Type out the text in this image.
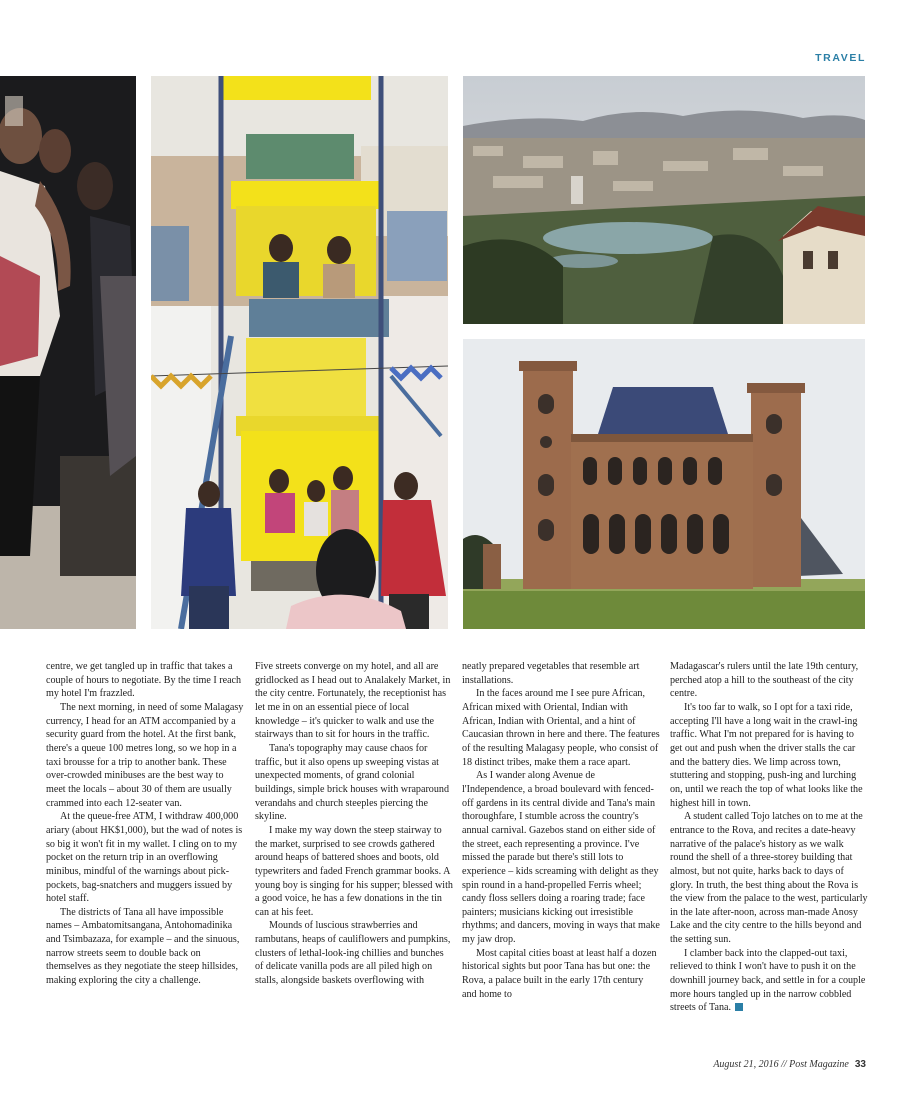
TRAVEL

centre, we get tangled up in traffic that takes a couple of hours to negotiate. By the time I reach my hotel I'm frazzled.

The next morning, in need of some Malagasy currency, I head for an ATM accompanied by a security guard from the hotel. At the first bank, there's a queue 100 metres long, so we hop in a taxi brousse for a trip to another bank. These over-crowded minibuses are the best way to meet the locals – about 30 of them are usually crammed into each 12-seater van.

At the queue-free ATM, I withdraw 400,000 ariary (about HK$1,000), but the wad of notes is so big it won't fit in my wallet. I cling on to my pocket on the return trip in an overflowing minibus, mindful of the warnings about pick-pockets, bag-snatchers and muggers issued by hotel staff.

The districts of Tana all have impossible names – Ambatomitsangana, Antohomadinika and Tsimbazaza, for example – and the sinuous, narrow streets seem to double back on themselves as they negotiate the steep hillsides, making exploring the city a challenge.

Five streets converge on my hotel, and all are gridlocked as I head out to Analakely Market, in the city centre. Fortunately, the receptionist has let me in on an essential piece of local knowledge – it's quicker to walk and use the stairways than to sit for hours in the traffic.

Tana's topography may cause chaos for traffic, but it also opens up sweeping vistas at unexpected moments, of grand colonial buildings, simple brick houses with wraparound verandahs and church steeples piercing the skyline.

I make my way down the steep stairway to the market, surprised to see crowds gathered around heaps of battered shoes and boots, old typewriters and faded French grammar books. A young boy is singing for his supper; blessed with a good voice, he has a few donations in the tin can at his feet.

Mounds of luscious strawberries and rambutans, heaps of cauliflowers and pumpkins, clusters of lethal-look-ing chillies and bunches of delicate vanilla pods are all piled high on stalls, alongside baskets overflowing with

neatly prepared vegetables that resemble art installations.

In the faces around me I see pure African, African mixed with Oriental, Indian with African, Indian with Oriental, and a hint of Caucasian thrown in here and there. The features of the resulting Malagasy people, who consist of 18 distinct tribes, make them a race apart.

As I wander along Avenue de l'Independence, a broad boulevard with fenced-off gardens in its central divide and Tana's main thoroughfare, I stumble across the country's annual carnival. Gazebos stand on either side of the street, each representing a province. I've missed the parade but there's still lots to experience – kids screaming with delight as they spin round in a hand-propelled Ferris wheel; candy floss sellers doing a roaring trade; face painters; musicians kicking out irresistible rhythms; and dancers, moving in ways that make my jaw drop.

Most capital cities boast at least half a dozen historical sights but poor Tana has but one: the Rova, a palace built in the early 17th century and home to

Madagascar's rulers until the late 19th century, perched atop a hill to the southeast of the city centre.

It's too far to walk, so I opt for a taxi ride, accepting I'll have a long wait in the crawl-ing traffic. What I'm not prepared for is having to get out and push when the driver stalls the car and the battery dies. We limp across town, stuttering and stopping, push-ing and lurching on, until we reach the top of what looks like the highest hill in town.

A student called Tojo latches on to me at the entrance to the Rova, and recites a date-heavy narrative of the palace's history as we walk round the shell of a three-storey building that almost, but not quite, harks back to days of glory. In truth, the best thing about the Rova is the view from the palace to the west, particularly in the late after-noon, across man-made Anosy Lake and the city centre to the hills beyond and the setting sun.

I clamber back into the clapped-out taxi, relieved to think I won't have to push it on the downhill journey back, and settle in for a couple more hours tangled up in the narrow cobbled streets of Tana.

August 21, 2016 // Post Magazine 33
